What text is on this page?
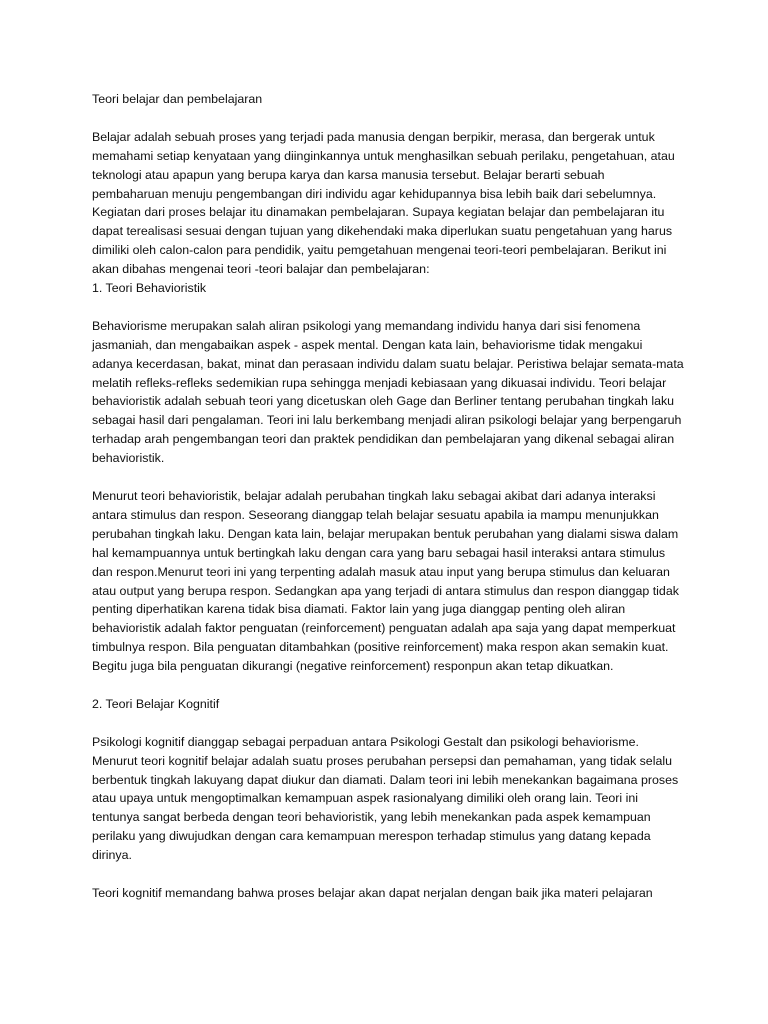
Teori belajar dan pembelajaran

Belajar adalah sebuah proses yang terjadi pada manusia dengan berpikir, merasa, dan bergerak untuk memahami setiap kenyataan yang diinginkannya untuk menghasilkan sebuah perilaku, pengetahuan, atau teknologi atau apapun yang berupa karya dan karsa manusia tersebut. Belajar berarti sebuah pembaharuan menuju pengembangan diri individu agar kehidupannya bisa lebih baik dari sebelumnya. Kegiatan dari proses belajar itu dinamakan pembelajaran. Supaya kegiatan belajar dan pembelajaran itu dapat terealisasi sesuai dengan tujuan yang dikehendaki maka diperlukan suatu pengetahuan yang harus dimiliki oleh calon-calon para pendidik, yaitu pemgetahuan mengenai teori-teori pembelajaran. Berikut ini akan dibahas mengenai teori -teori balajar dan pembelajaran:

1. Teori Behavioristik

Behaviorisme merupakan salah aliran psikologi yang memandang individu hanya dari sisi fenomena jasmaniah, dan mengabaikan aspek - aspek mental. Dengan kata lain, behaviorisme tidak mengakui adanya kecerdasan, bakat, minat dan perasaan individu dalam suatu belajar. Peristiwa belajar semata-mata melatih refleks-refleks sedemikian rupa sehingga menjadi kebiasaan yang dikuasai individu. Teori belajar behavioristik adalah sebuah teori yang dicetuskan oleh Gage dan Berliner tentang perubahan tingkah laku sebagai hasil dari pengalaman. Teori ini lalu berkembang menjadi aliran psikologi belajar yang berpengaruh terhadap arah pengembangan teori dan praktek pendidikan dan pembelajaran yang dikenal sebagai aliran behavioristik.

Menurut teori behavioristik, belajar adalah perubahan tingkah laku sebagai akibat dari adanya interaksi antara stimulus dan respon. Seseorang dianggap telah belajar sesuatu apabila ia mampu menunjukkan perubahan tingkah laku. Dengan kata lain, belajar merupakan bentuk perubahan yang dialami siswa dalam hal kemampuannya untuk bertingkah laku dengan cara yang baru sebagai hasil interaksi antara stimulus dan respon.Menurut teori ini yang terpenting adalah masuk atau input yang berupa stimulus dan keluaran atau output yang berupa respon. Sedangkan apa yang terjadi di antara stimulus dan respon dianggap tidak penting diperhatikan karena tidak bisa diamati. Faktor lain yang juga dianggap penting oleh aliran behavioristik adalah faktor penguatan (reinforcement) penguatan adalah apa saja yang dapat memperkuat timbulnya respon. Bila penguatan ditambahkan (positive reinforcement) maka respon akan semakin kuat. Begitu juga bila penguatan dikurangi (negative reinforcement) responpun akan tetap dikuatkan.

2. Teori Belajar Kognitif

Psikologi kognitif dianggap sebagai perpaduan antara Psikologi Gestalt dan psikologi behaviorisme. Menurut teori kognitif belajar adalah suatu proses perubahan persepsi dan pemahaman, yang tidak selalu berbentuk tingkah lakuyang dapat diukur dan diamati. Dalam teori ini lebih menekankan bagaimana proses atau upaya untuk mengoptimalkan kemampuan aspek rasionalyang dimiliki oleh orang lain. Teori ini tentunya sangat berbeda dengan teori behavioristik, yang lebih menekankan pada aspek kemampuan perilaku yang diwujudkan dengan cara kemampuan merespon terhadap stimulus yang datang kepada dirinya.

Teori kognitif memandang bahwa proses belajar akan dapat nerjalan dengan baik jika materi pelajaran
